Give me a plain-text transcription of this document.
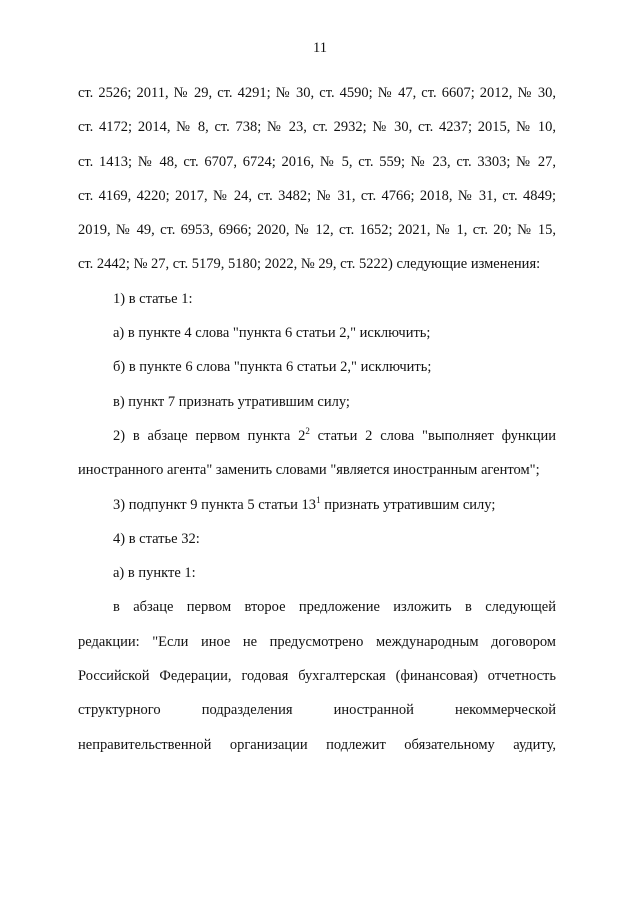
11
ст. 2526; 2011, № 29, ст. 4291; № 30, ст. 4590; № 47, ст. 6607; 2012, № 30,
ст. 4172; 2014, № 8, ст. 738; № 23, ст. 2932; № 30, ст. 4237; 2015, № 10,
ст. 1413; № 48, ст. 6707, 6724; 2016, № 5, ст. 559; № 23, ст. 3303; № 27,
ст. 4169, 4220; 2017, № 24, ст. 3482; № 31, ст. 4766; 2018, № 31, ст. 4849;
2019, № 49, ст. 6953, 6966; 2020, № 12, ст. 1652; 2021, № 1, ст. 20; № 15,
ст. 2442; № 27, ст. 5179, 5180; 2022, № 29, ст. 5222) следующие изменения:
1) в статье 1:
а) в пункте 4 слова "пункта 6 статьи 2," исключить;
б) в пункте 6 слова "пункта 6 статьи 2," исключить;
в) пункт 7 признать утратившим силу;
2) в абзаце первом пункта $2^2$ статьи 2 слова "выполняет функции
иностранного агента" заменить словами "является иностранным агентом";
3) подпункт 9 пункта 5 статьи $13^1$ признать утратившим силу;
4) в статье 32:
а) в пункте 1:
в абзаце первом второе предложение изложить в следующей
редакции: "Если иное не предусмотрено международным договором
Российской Федерации, годовая бухгалтерская (финансовая) отчетность
структурного подразделения иностранной некоммерческой
неправительственной организации подлежит обязательному аудиту,
